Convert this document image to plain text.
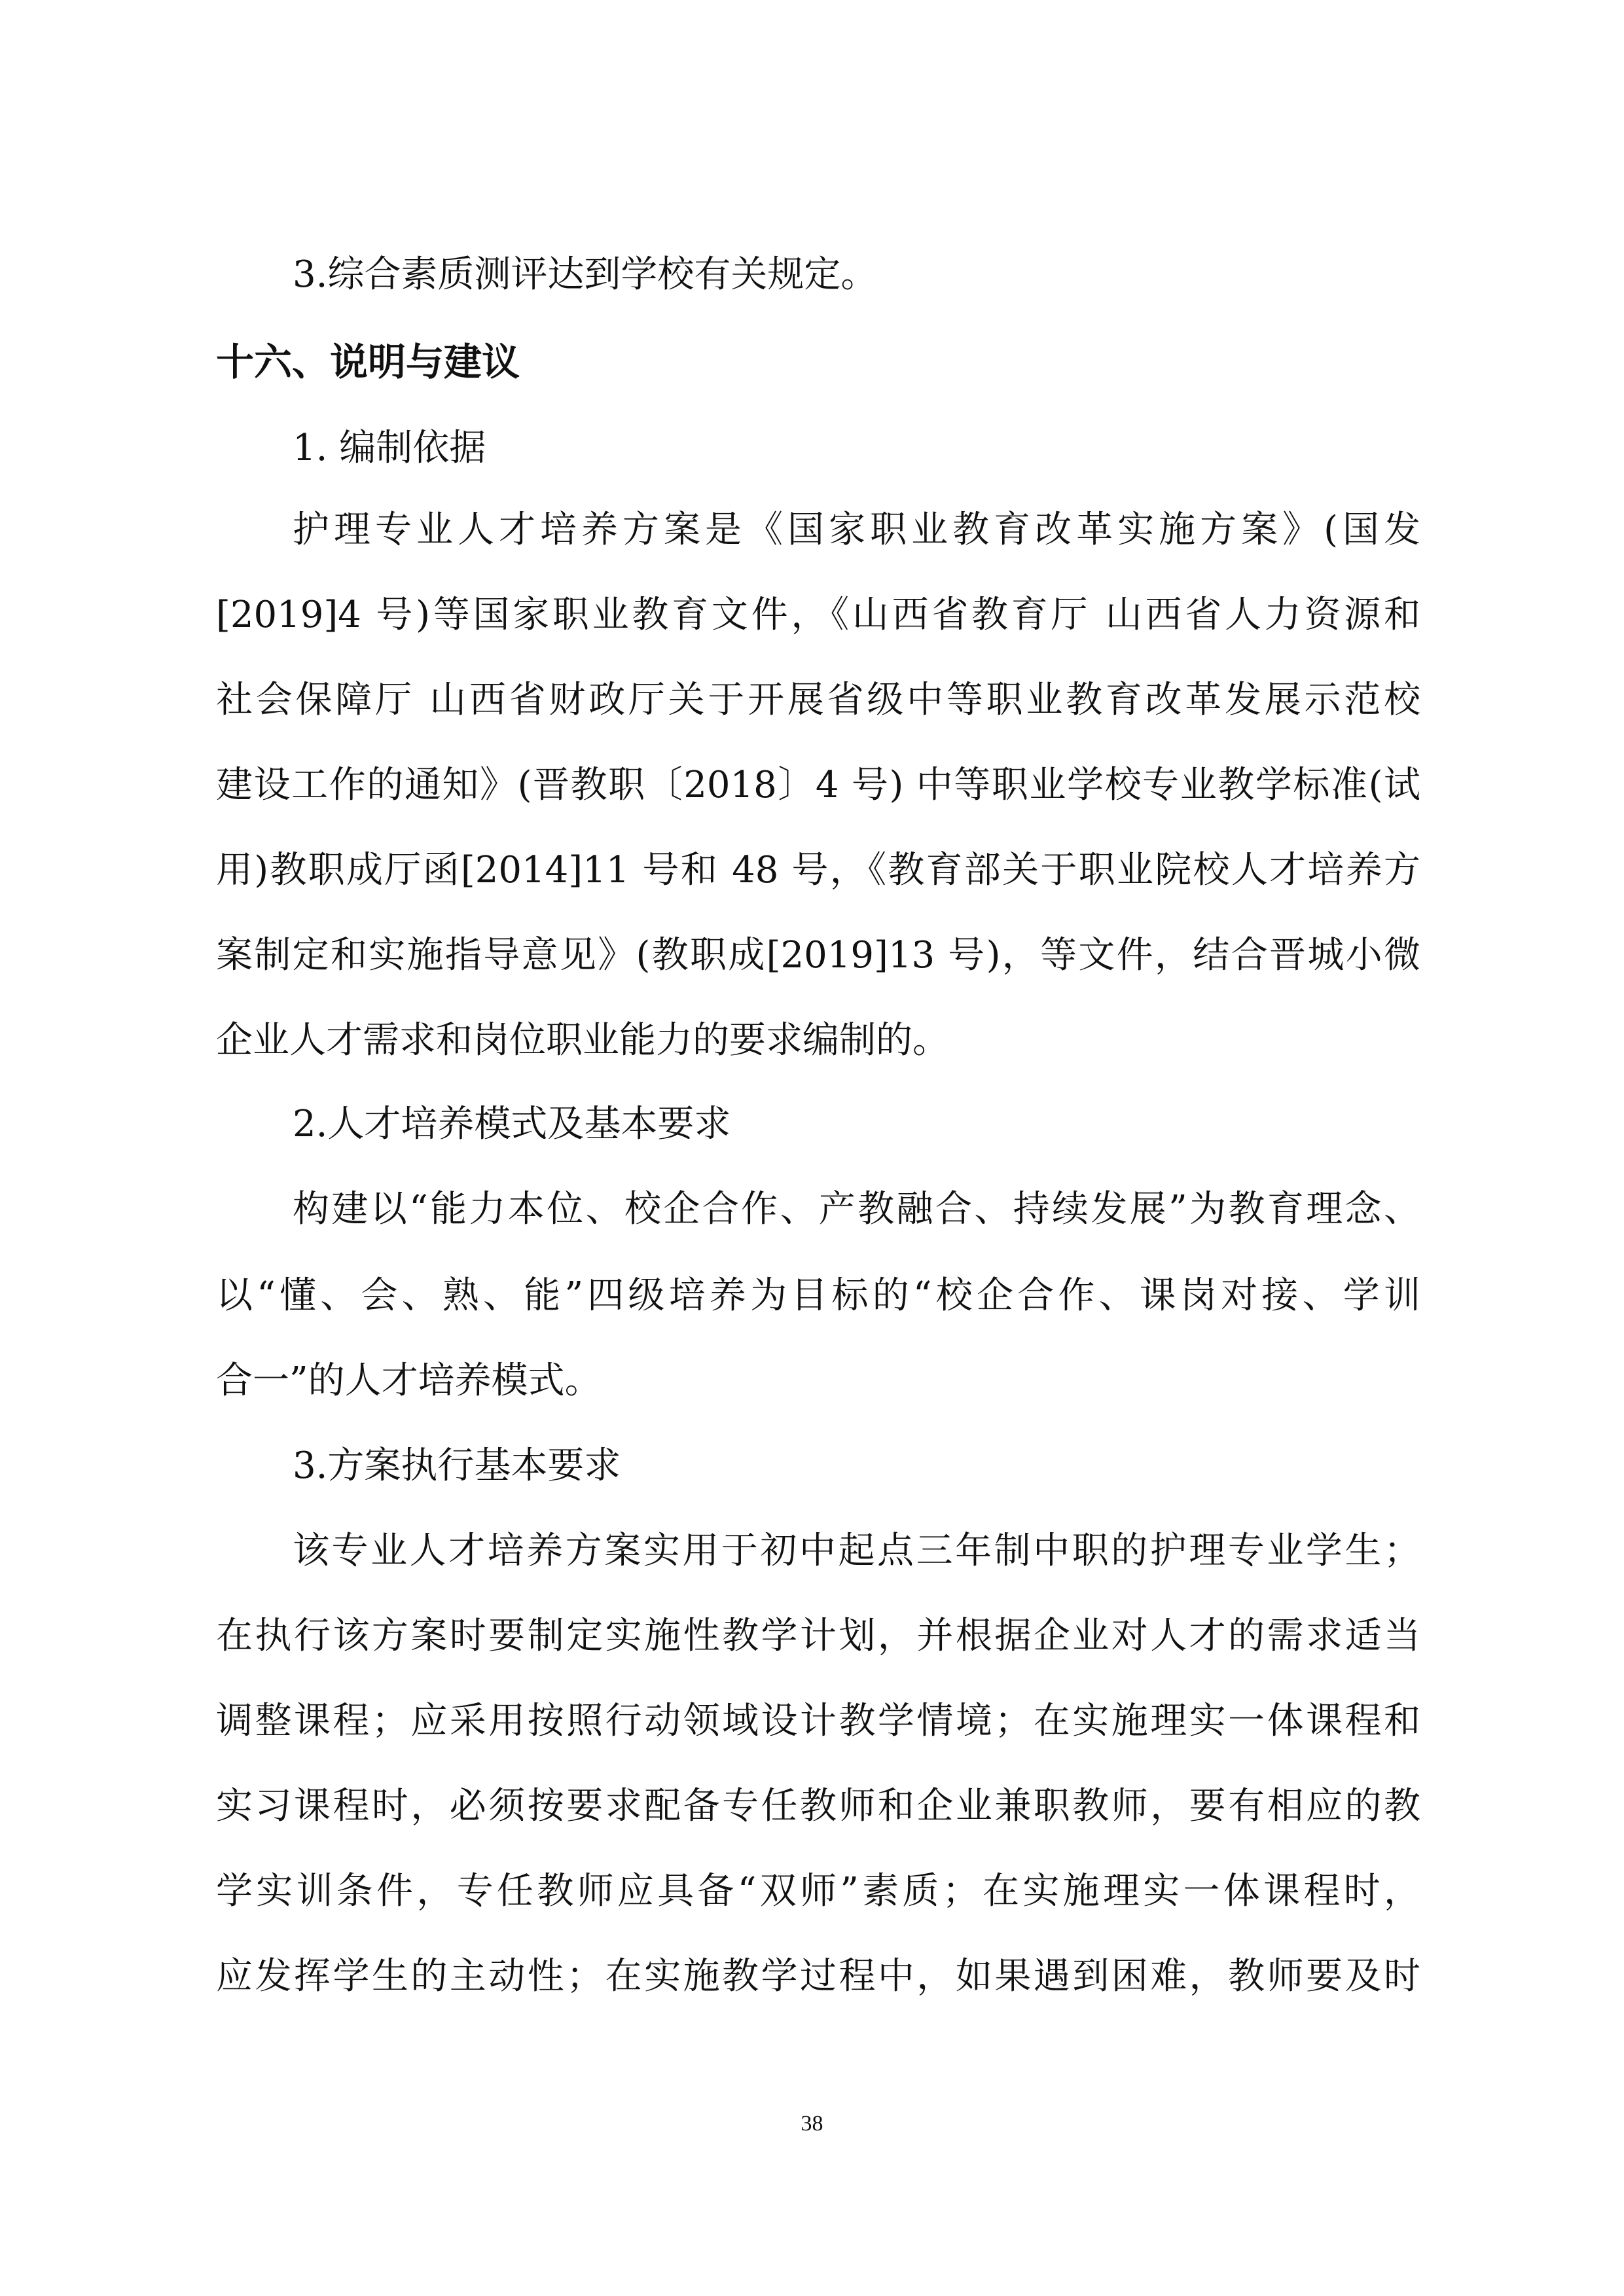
3.综合素质测评达到学校有关规定。
十六、说明与建议
1. 编制依据
护理专业人才培养方案是《国家职业教育改革实施方案》(国发
[2019]4 号)等国家职业教育文件，《山西省教育厅 山西省人力资源和
社会保障厅 山西省财政厅关于开展省级中等职业教育改革发展示范校
建设工作的通知》(晋教职〔2018〕4 号) 中等职业学校专业教学标准(试
用)教职成厅函[2014]11 号和 48 号，《教育部关于职业院校人才培养方
案制定和实施指导意见》(教职成[2019]13 号)，等文件，结合晋城小微
企业人才需求和岗位职业能力的要求编制的。
2.人才培养模式及基本要求
构建以“能力本位、校企合作、产教融合、持续发展”为教育理念、
以“懂、会、熟、能”四级培养为目标的“校企合作、课岗对接、学训
合一”的人才培养模式。
3.方案执行基本要求
该专业人才培养方案实用于初中起点三年制中职的护理专业学生；
在执行该方案时要制定实施性教学计划，并根据企业对人才的需求适当
调整课程；应采用按照行动领域设计教学情境；在实施理实一体课程和
实习课程时，必须按要求配备专任教师和企业兼职教师，要有相应的教
学实训条件，专任教师应具备“双师”素质；在实施理实一体课程时，
应发挥学生的主动性；在实施教学过程中，如果遇到困难，教师要及时
38
